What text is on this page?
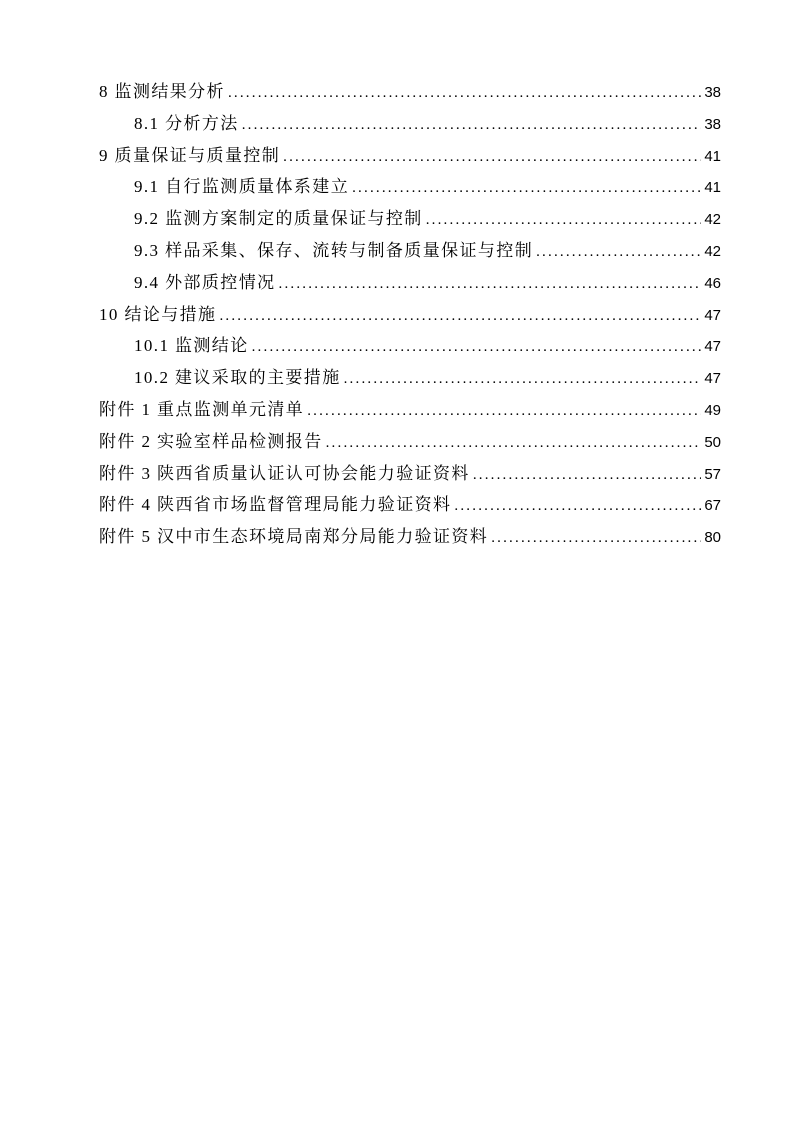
8 监测结果分析 .....	38
8.1 分析方法 .....	38
9 质量保证与质量控制 .....	41
9.1 自行监测质量体系建立 .....	41
9.2 监测方案制定的质量保证与控制 .....	42
9.3 样品采集、保存、流转与制备质量保证与控制 .....	42
9.4 外部质控情况 .....	46
10 结论与措施 .....	47
10.1 监测结论 .....	47
10.2 建议采取的主要措施 .....	47
附件 1 重点监测单元清单 .....	49
附件 2 实验室样品检测报告 .....	50
附件 3 陕西省质量认证认可协会能力验证资料 .....	57
附件 4 陕西省市场监督管理局能力验证资料 .....	67
附件 5 汉中市生态环境局南郑分局能力验证资料 .....	80
